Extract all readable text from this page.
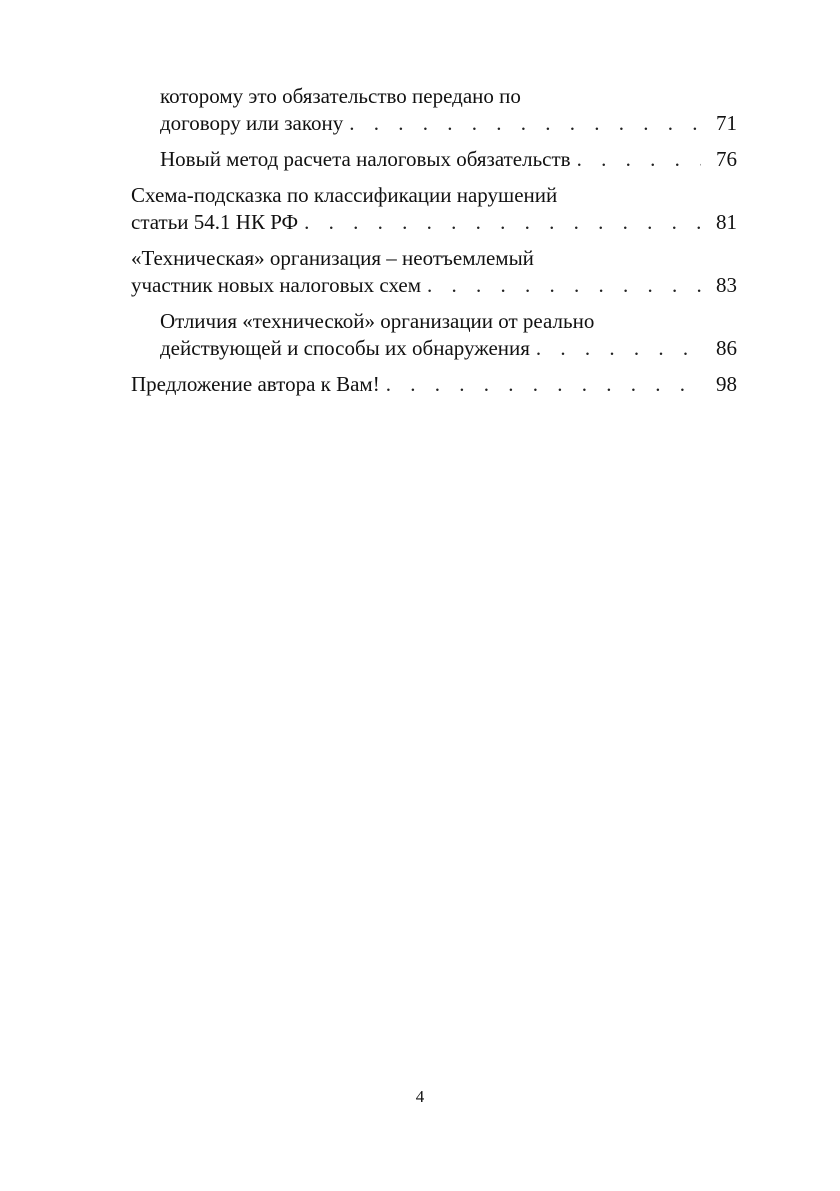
которому это обязательство передано по
договору или закону . . .	71
Новый метод расчета налоговых обязательств . . .	76
Схема-подсказка по классификации нарушений
статьи 54.1 НК РФ . . .	81
«Техническая» организация – неотъемлемый
участник новых налоговых схем . . .	83
Отличия «технической» организации от реально
действующей и способы их обнаружения . . .	86
Предложение автора к Вам! . . .	98
4
